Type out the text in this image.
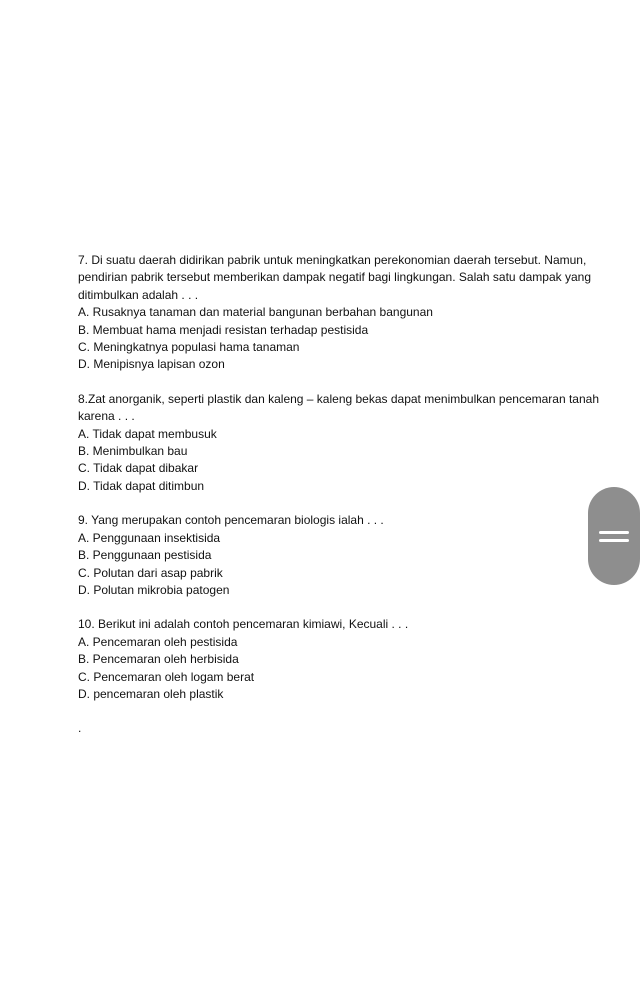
7. Di suatu daerah didirikan pabrik untuk meningkatkan perekonomian daerah tersebut. Namun, pendirian pabrik tersebut memberikan dampak negatif bagi lingkungan. Salah satu dampak yang ditimbulkan adalah . . .

A. Rusaknya tanaman dan material bangunan berbahan bangunan

B. Membuat hama menjadi resistan terhadap pestisida

C. Meningkatnya populasi hama tanaman

D. Menipisnya lapisan ozon

8.Zat anorganik, seperti plastik dan kaleng – kaleng bekas dapat menimbulkan pencemaran tanah karena . . .

A. Tidak dapat membusuk

B. Menimbulkan bau

C. Tidak dapat dibakar

D. Tidak dapat ditimbun

9. Yang merupakan contoh pencemaran biologis ialah . . .

A. Penggunaan insektisida

B. Penggunaan pestisida

C. Polutan dari asap pabrik

D. Polutan mikrobia patogen

10. Berikut ini adalah contoh pencemaran kimiawi, Kecuali . . .

A. Pencemaran oleh pestisida

B. Pencemaran oleh herbisida

C. Pencemaran oleh logam berat

D. pencemaran oleh plastik

.
